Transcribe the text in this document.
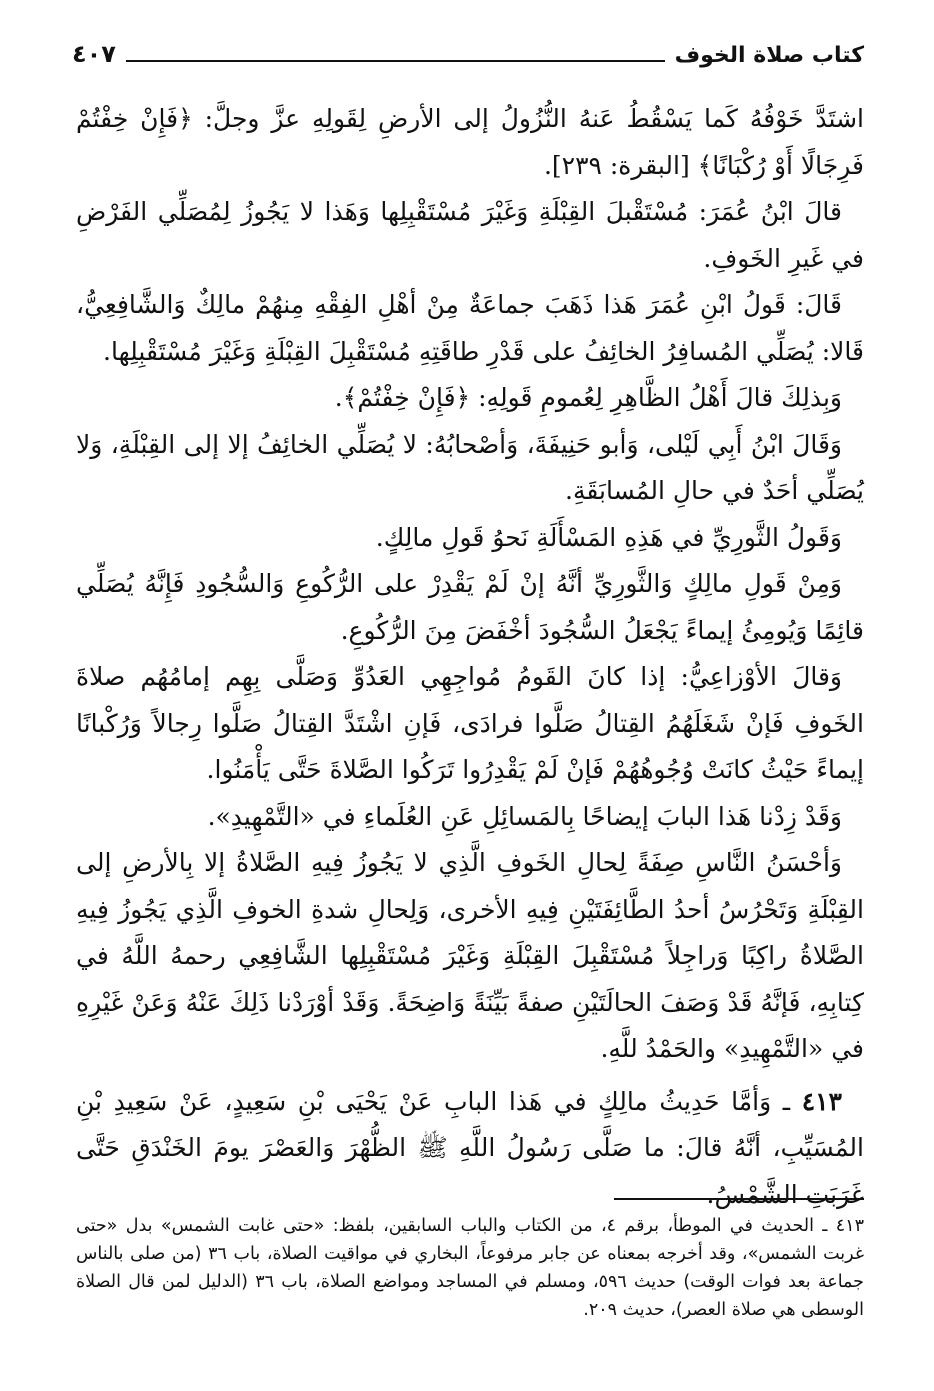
كتاب صلاة الخوف
٤٠٧

اشتَدَّ خَوْفُهُ كَما يَسْقُطُ عَنهُ النُّزُولُ إلى الأرضِ لِقَولِهِ عزَّ وجلَّ: ﴿فَإِنْ خِفْتُمْ فَرِجَالًا أَوْ رُكْبَانًا﴾ [البقرة: ٢٣٩].

قالَ ابْنُ عُمَرَ: مُسْتَقْبلَ القِبْلَةِ وَغَيْرَ مُسْتَقْبِلِها وَهَذا لا يَجُوزُ لِمُصَلِّي الفَرْضِ في غَيرِ الخَوفِ.

قَالَ: قَولُ ابْنِ عُمَرَ هَذا ذَهَبَ جماعَةٌ مِنْ أهْلِ الفِقْهِ مِنهُمْ مالِكٌ وَالشَّافِعِيُّ، قَالا: يُصَلِّي المُسافِرُ الخائِفُ على قَدْرِ طاقَتِهِ مُسْتَقْبِلَ القِبْلَةِ وَغَيْرَ مُسْتَقْبِلِها.

وَبِذلِكَ قالَ أَهْلُ الظَّاهِرِ لِعُمومِ قَولِهِ: ﴿فَإِنْ خِفْتُمْ﴾.

وَقَالَ ابْنُ أَبِي لَيْلى، وَأبو حَنِيفَةَ، وَأصْحابُهُ: لا يُصَلِّي الخائِفُ إلا إلى القِبْلَةِ، وَلا يُصَلِّي أحَدٌ في حالِ المُسابَقَةِ.

وَقَولُ الثَّورِيِّ في هَذِهِ المَسْأَلَةِ نَحوُ قَولِ مالِكٍ.

وَمِنْ قَولِ مالِكٍ وَالثَّورِيِّ أنَّهُ إنْ لَمْ يَقْدِرْ على الرُّكُوعِ وَالسُّجُودِ فَإِنَّهُ يُصَلِّي قائِمًا وَيُومِئُ إيماءً يَجْعَلُ السُّجُودَ أخْفَضَ مِنَ الرُّكُوعِ.

وَقالَ الأوْزاعِيُّ: إذا كانَ القَومُ مُواجِهِي العَدُوِّ وَصَلَّى بِهِم إمامُهُم صلاةَ الخَوفِ فَإنْ شَغَلَهُمُ القِتالُ صَلَّوا فرادَى، فَإنِ اشْتَدَّ القِتالُ صَلَّوا رِجالاً وَرُكْبانًا إيماءً حَيْثُ كانَتْ وُجُوهُهُمْ فَإنْ لَمْ يَقْدِرُوا تَرَكُوا الصَّلاةَ حَتَّى يَأْمَنُوا.

وَقَدْ زِدْنا هَذا البابَ إيضاحًا بِالمَسائِلِ عَنِ العُلَماءِ في «التَّمْهِيدِ».

وَأحْسَنُ النَّاسِ صِفَةً لِحالِ الخَوفِ الَّذِي لا يَجُوزُ فِيهِ الصَّلاةُ إلا بِالأرضِ إلى القِبْلَةِ وَتَحْرُسُ أحدُ الطَّائِفَتَيْنِ فِيهِ الأخرى، وَلِحالِ شدةِ الخوفِ الَّذِي يَجُوزُ فِيهِ الصَّلاةُ راكِبًا وَراجِلاً مُسْتَقْبِلَ القِبْلَةِ وَغَيْرَ مُسْتَقْبِلِها الشَّافِعِي رحمهُ اللَّهُ في كِتابِهِ، فَإنَّهُ قَدْ وَصَفَ الحالَتَيْنِ صفةً بَيِّنَةً وَاضِحَةً. وَقَدْ أوْرَدْنا ذَلِكَ عَنْهُ وَعَنْ غَيْرِهِ في «التَّمْهِيدِ» والحَمْدُ للَّهِ.

٤١٣ ـ وَأمَّا حَدِيثُ مالِكٍ في هَذا البابِ عَنْ يَحْيَى بْنِ سَعِيدٍ، عَنْ سَعِيدِ بْنِ المُسَيِّبِ، أنَّهُ قالَ: ما صَلَّى رَسُولُ اللَّهِ ﷺ الظُّهْرَ وَالعَصْرَ يومَ الخَنْدَقِ حَتَّى غَرَبَتِ الشَّمْسُ.

٤١٣ ـ الحديث في الموطأ، برقم ٤، من الكتاب والباب السابقين، بلفظ: «حتى غابت الشمس» بدل «حتى غربت الشمس»، وقد أخرجه بمعناه عن جابر مرفوعاً، البخاري في مواقيت الصلاة، باب ٣٦ (من صلى بالناس جماعة بعد فوات الوقت) حديث ٥٩٦، ومسلم في المساجد ومواضع الصلاة، باب ٣٦ (الدليل لمن قال الصلاة الوسطى هي صلاة العصر)، حديث ٢٠٩.
